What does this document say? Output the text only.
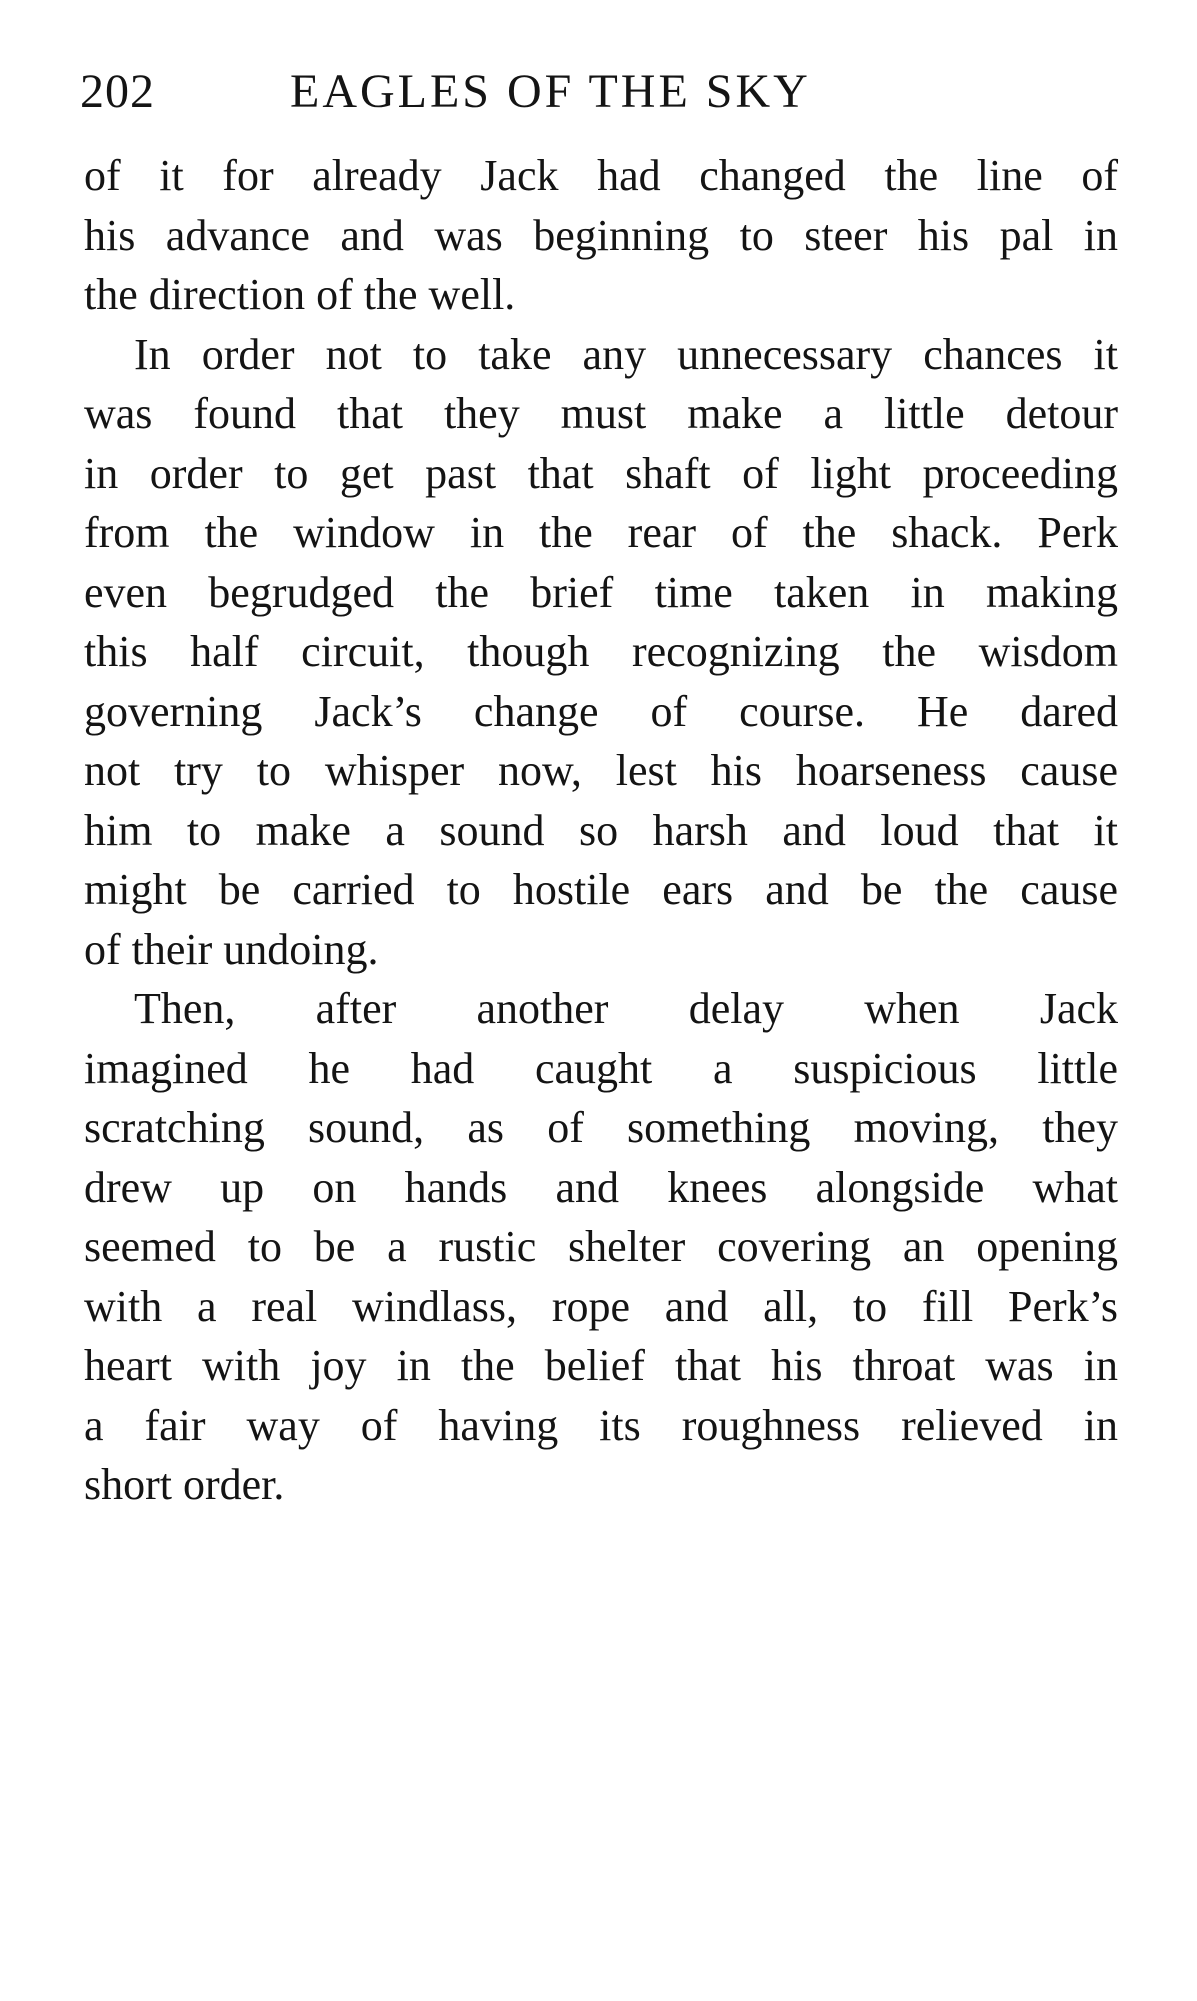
202	EAGLES OF THE SKY

of it for already Jack had changed the line of
his advance and was beginning to steer his pal in
the direction of the well.

In order not to take any unnecessary chances it
was found that they must make a little detour
in order to get past that shaft of light proceeding
from the window in the rear of the shack. Perk
even begrudged the brief time taken in making
this half circuit, though recognizing the wisdom
governing Jack’s change of course. He dared
not try to whisper now, lest his hoarseness cause
him to make a sound so harsh and loud that it
might be carried to hostile ears and be the cause
of their undoing.

Then, after another delay when Jack
imagined he had caught a suspicious little
scratching sound, as of something moving, they
drew up on hands and knees alongside what
seemed to be a rustic shelter covering an opening
with a real windlass, rope and all, to fill Perk’s
heart with joy in the belief that his throat was in
a fair way of having its roughness relieved in
short order.
